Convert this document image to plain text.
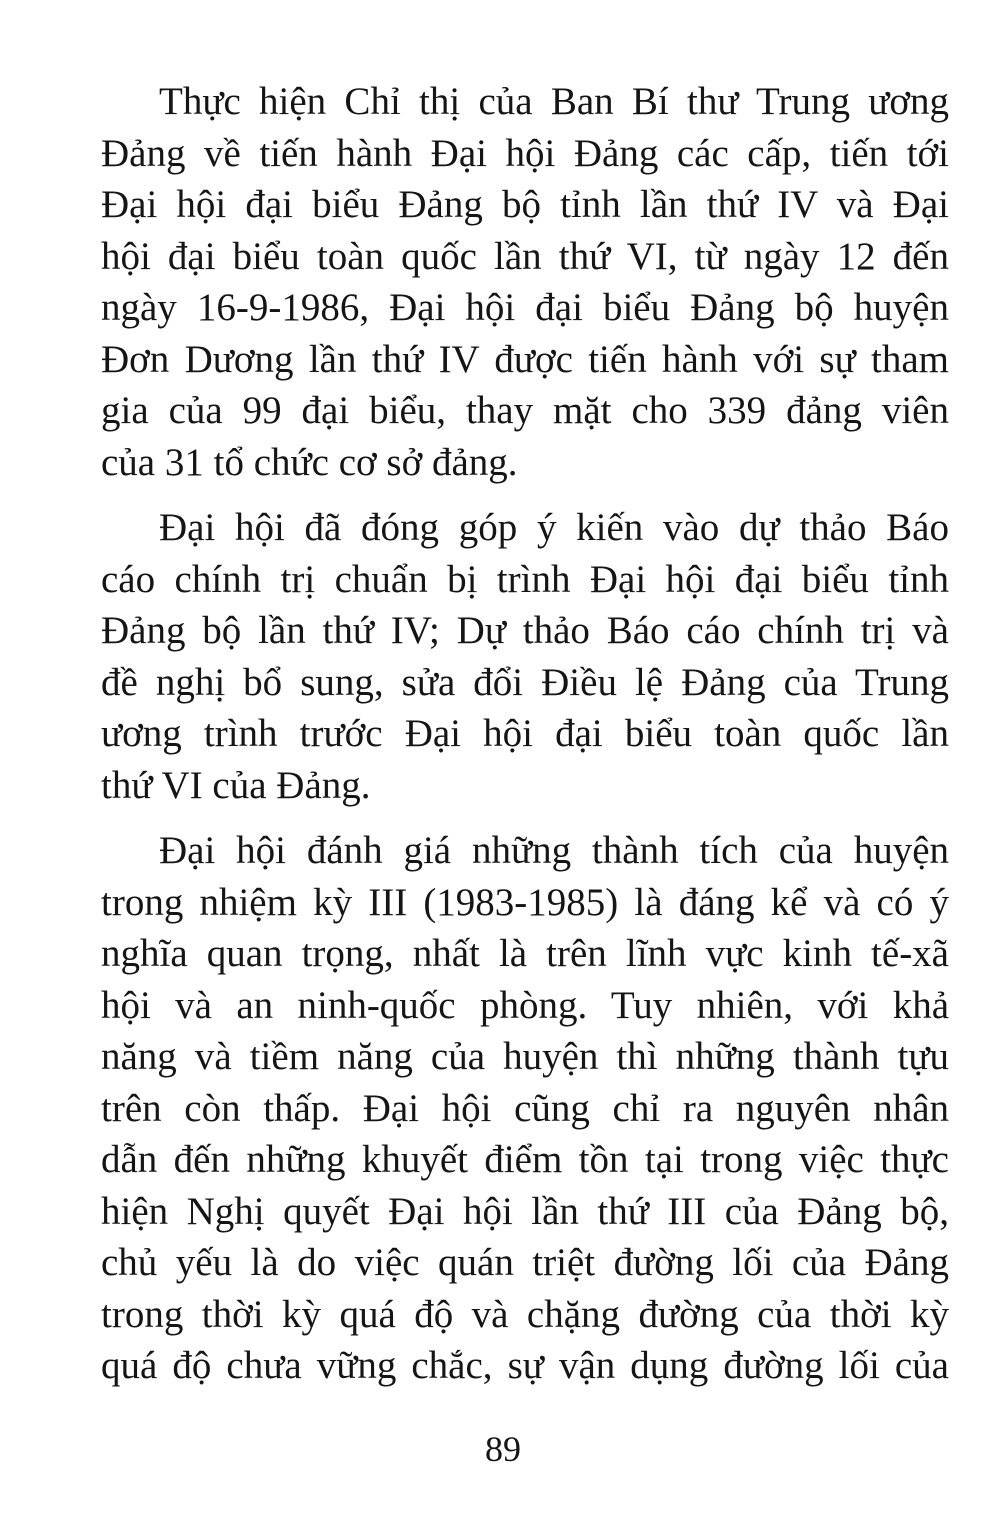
Thực hiện Chỉ thị của Ban Bí thư Trung ương
Đảng về tiến hành Đại hội Đảng các cấp, tiến tới
Đại hội đại biểu Đảng bộ tỉnh lần thứ IV và Đại
hội đại biểu toàn quốc lần thứ VI, từ ngày 12 đến
ngày 16-9-1986, Đại hội đại biểu Đảng bộ huyện
Đơn Dương lần thứ IV được tiến hành với sự tham
gia của 99 đại biểu, thay mặt cho 339 đảng viên
của 31 tổ chức cơ sở đảng.

Đại hội đã đóng góp ý kiến vào dự thảo Báo
cáo chính trị chuẩn bị trình Đại hội đại biểu tỉnh
Đảng bộ lần thứ IV; Dự thảo Báo cáo chính trị và
đề nghị bổ sung, sửa đổi Điều lệ Đảng của Trung
ương trình trước Đại hội đại biểu toàn quốc lần
thứ VI của Đảng.

Đại hội đánh giá những thành tích của huyện
trong nhiệm kỳ III (1983-1985) là đáng kể và có ý
nghĩa quan trọng, nhất là trên lĩnh vực kinh tế-xã
hội và an ninh-quốc phòng. Tuy nhiên, với khả
năng và tiềm năng của huyện thì những thành tựu
trên còn thấp. Đại hội cũng chỉ ra nguyên nhân
dẫn đến những khuyết điểm tồn tại trong việc thực
hiện Nghị quyết Đại hội lần thứ III của Đảng bộ,
chủ yếu là do việc quán triệt đường lối của Đảng
trong thời kỳ quá độ và chặng đường của thời kỳ
quá độ chưa vững chắc, sự vận dụng đường lối của

89
